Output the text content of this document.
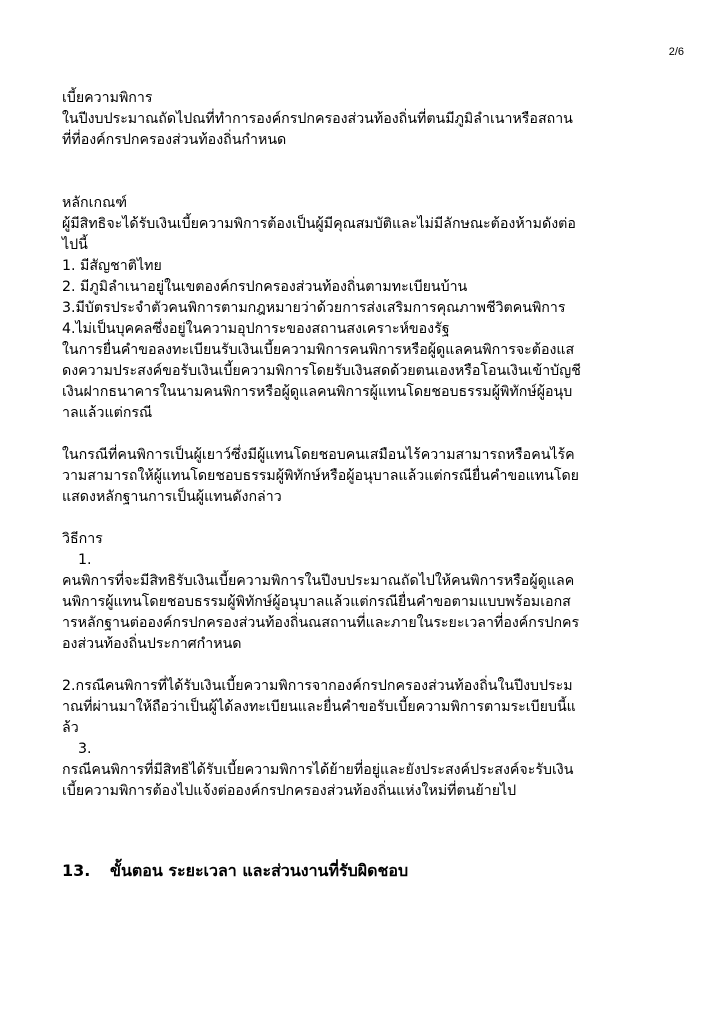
2/6
เบี้ยความพิการ
ในปีงบประมาณถัดไปณที่ทำการองค์กรปกครองส่วนท้องถิ่นที่ตนมีภูมิลำเนาหรือสถาน
ที่ที่องค์กรปกครองส่วนท้องถิ่นกำหนด
หลักเกณฑ์
ผู้มีสิทธิจะได้รับเงินเบี้ยความพิการต้องเป็นผู้มีคุณสมบัติและไม่มีลักษณะต้องห้ามดังต่อ
ไปนี้
1. มีสัญชาติไทย
2. มีภูมิลำเนาอยู่ในเขตองค์กรปกครองส่วนท้องถิ่นตามทะเบียนบ้าน
3.มีบัตรประจำตัวคนพิการตามกฎหมายว่าด้วยการส่งเสริมการคุณภาพชีวิตคนพิการ
4.ไม่เป็นบุคคลซึ่งอยู่ในความอุปการะของสถานสงเคราะห์ของรัฐ
ในการยื่นคำขอลงทะเบียนรับเงินเบี้ยความพิการคนพิการหรือผู้ดูแลคนพิการจะต้องแส
ดงความประสงค์ขอรับเงินเบี้ยความพิการโดยรับเงินสดด้วยตนเองหรือโอนเงินเข้าบัญชี
เงินฝากธนาคารในนามคนพิการหรือผู้ดูแลคนพิการผู้แทนโดยชอบธรรมผู้พิทักษ์ผู้อนุบ
าลแล้วแต่กรณี
ในกรณีที่คนพิการเป็นผู้เยาว์ซึ่งมีผู้แทนโดยชอบคนเสมือนไร้ความสามารถหรือคนไร้ค
วามสามารถให้ผู้แทนโดยชอบธรรมผู้พิทักษ์หรือผู้อนุบาลแล้วแต่กรณียื่นคำขอแทนโดย
แสดงหลักฐานการเป็นผู้แทนดังกล่าว
วิธีการ
1.
คนพิการที่จะมีสิทธิรับเงินเบี้ยความพิการในปีงบประมาณถัดไปให้คนพิการหรือผู้ดูแลค
นพิการผู้แทนโดยชอบธรรมผู้พิทักษ์ผู้อนุบาลแล้วแต่กรณียื่นคำขอตามแบบพร้อมเอกส
ารหลักฐานต่อองค์กรปกครองส่วนท้องถิ่นณสถานที่และภายในระยะเวลาที่องค์กรปกคร
องส่วนท้องถิ่นประกาศกำหนด
2.กรณีคนพิการที่ได้รับเงินเบี้ยความพิการจากองค์กรปกครองส่วนท้องถิ่นในปีงบประม
าณที่ผ่านมาให้ถือว่าเป็นผู้ได้ลงทะเบียนและยื่นคำขอรับเบี้ยความพิการตามระเบียบนี้แ
ล้ว
3.
กรณีคนพิการที่มีสิทธิได้รับเบี้ยความพิการได้ย้ายที่อยู่และยังประสงค์ประสงค์จะรับเงิน
เบี้ยความพิการต้องไปแจ้งต่อองค์กรปกครองส่วนท้องถิ่นแห่งใหม่ที่ตนย้ายไป
13. ขั้นตอน ระยะเวลา และส่วนงานที่รับผิดชอบ
